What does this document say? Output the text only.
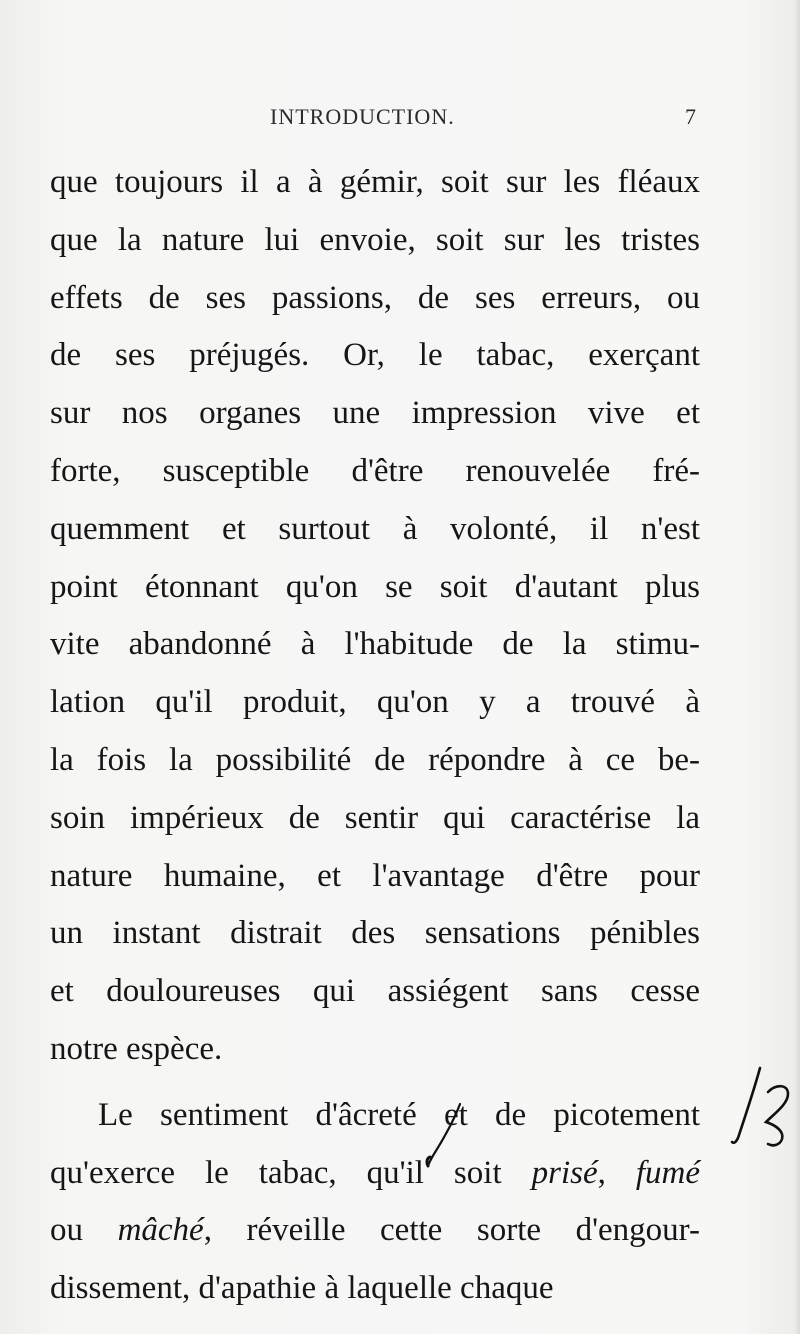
INTRODUCTION.	7
que toujours il a à gémir, soit sur les fléaux
que la nature lui envoie, soit sur les tristes
effets de ses passions, de ses erreurs, ou
de ses préjugés. Or, le tabac, exerçant
sur nos organes une impression vive et
forte, susceptible d'être renouvelée fré-
quemment et surtout à volonté, il n'est
point étonnant qu'on se soit d'autant plus
vite abandonné à l'habitude de la stimu-
lation qu'il produit, qu'on y a trouvé à
la fois la possibilité de répondre à ce be-
soin impérieux de sentir qui caractérise la
nature humaine, et l'avantage d'être pour
un instant distrait des sensations pénibles
et douloureuses qui assiégent sans cesse
notre espèce.
Le sentiment d'âcreté et de picotement
qu'exerce le tabac, qu'il soit prisé, fumé
ou mâché, réveille cette sorte d'engour-
dissement, d'apathie à laquelle chaque
